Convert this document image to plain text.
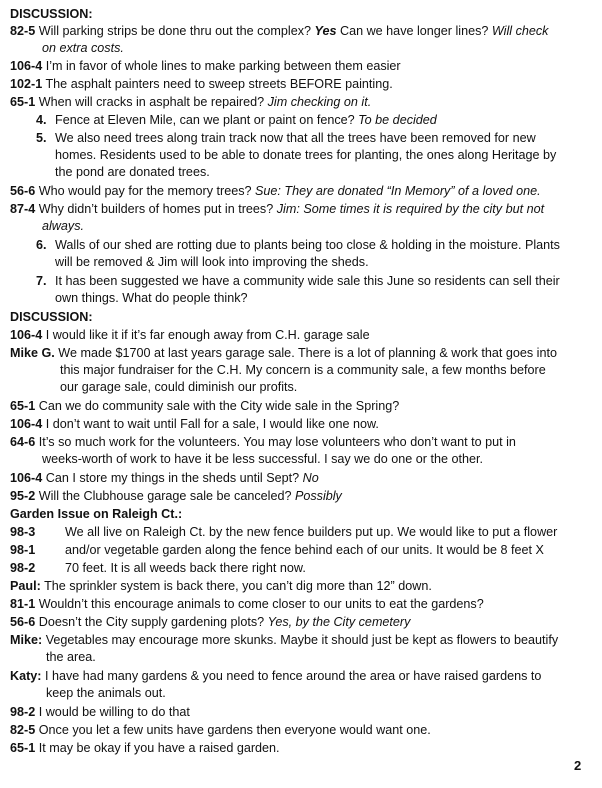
DISCUSSION:
82-5 Will parking strips be done thru out the complex? Yes Can we have longer lines? Will check
on extra costs.
106-4 I’m in favor of whole lines to make parking between them easier
102-1 The asphalt painters need to sweep streets BEFORE painting.
65-1 When will cracks in asphalt be repaired? Jim checking on it.
4. Fence at Eleven Mile, can we plant or paint on fence? To be decided
5. We also need trees along train track now that all the trees have been removed for new
homes. Residents used to be able to donate trees for planting, the ones along Heritage by
the pond are donated trees.
56-6 Who would pay for the memory trees? Sue: They are donated “In Memory” of a loved one.
87-4 Why didn’t builders of homes put in trees? Jim: Some times it is required by the city but not
always.
6. Walls of our shed are rotting due to plants being too close & holding in the moisture. Plants
will be removed & Jim will look into improving the sheds.
7. It has been suggested we have a community wide sale this June so residents can sell their
own things. What do people think?
DISCUSSION:
106-4 I would like it if it’s far enough away from C.H. garage sale
Mike G. We made $1700 at last years garage sale. There is a lot of planning & work that goes into
this major fundraiser for the C.H. My concern is a community sale, a few months before
our garage sale, could diminish our profits.
65-1 Can we do community sale with the City wide sale in the Spring?
106-4 I don’t want to wait until Fall for a sale, I would like one now.
64-6 It’s so much work for the volunteers. You may lose volunteers who don’t want to put in
weeks-worth of work to have it be less successful. I say we do one or the other.
106-4 Can I store my things in the sheds until Sept? No
95-2 Will the Clubhouse garage sale be canceled? Possibly
Garden Issue on Raleigh Ct.:
98-3 We all live on Raleigh Ct. by the new fence builders put up. We would like to put a flower
98-1 and/or vegetable garden along the fence behind each of our units. It would be 8 feet X
98-2 70 feet. It is all weeds back there right now.
Paul: The sprinkler system is back there, you can’t dig more than 12” down.
81-1 Wouldn’t this encourage animals to come closer to our units to eat the gardens?
56-6 Doesn’t the City supply gardening plots? Yes, by the City cemetery
Mike: Vegetables may encourage more skunks. Maybe it should just be kept as flowers to beautify
the area.
Katy: I have had many gardens & you need to fence around the area or have raised gardens to
keep the animals out.
98-2 I would be willing to do that
82-5 Once you let a few units have gardens then everyone would want one.
65-1 It may be okay if you have a raised garden.
2
